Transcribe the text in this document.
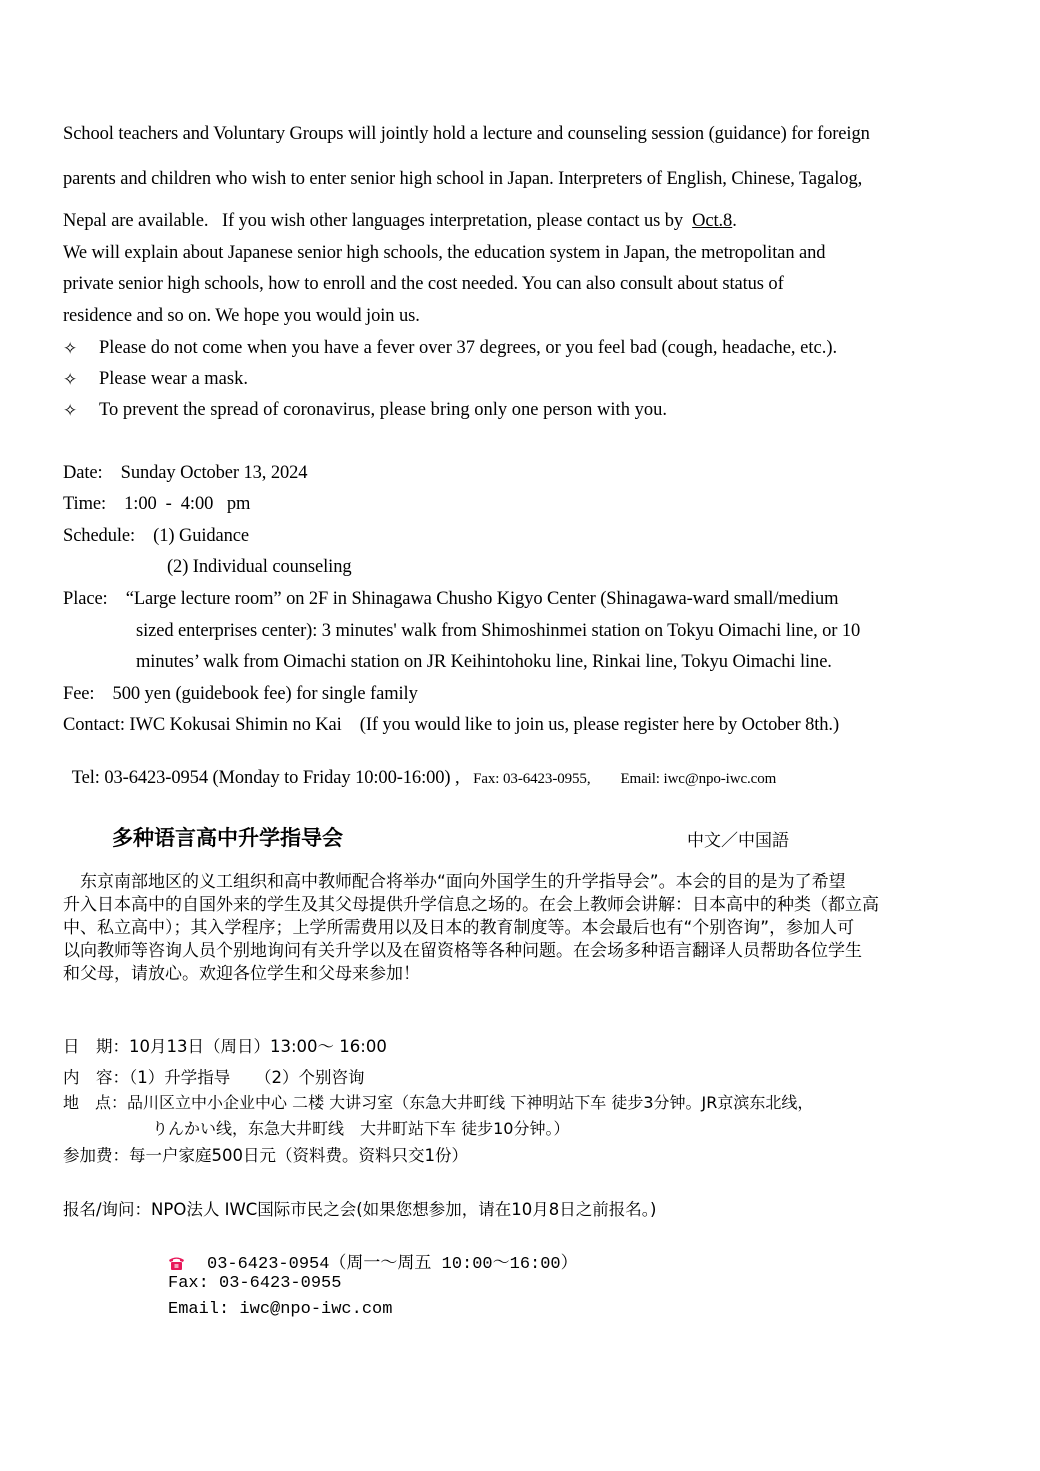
School teachers and Voluntary Groups will jointly hold a lecture and counseling session (guidance) for foreign
parents and children who wish to enter senior high school in Japan. Interpreters of English, Chinese, Tagalog,
Nepal are available.   If you wish other languages interpretation, please contact us by  Oct.8.
We will explain about Japanese senior high schools, the education system in Japan, the metropolitan and
private senior high schools, how to enroll and the cost needed. You can also consult about status of
residence and so on. We hope you would join us.
✧ Please do not come when you have a fever over 37 degrees, or you feel bad (cough, headache, etc.).
✧ Please wear a mask.
✧ To prevent the spread of coronavirus, please bring only one person with you.
Date:    Sunday October 13, 2024
Time:    1:00  -  4:00   pm
Schedule:    (1) Guidance
(2) Individual counseling
Place:    “Large lecture room” on 2F in Shinagawa Chusho Kigyo Center (Shinagawa-ward small/medium
sized enterprises center): 3 minutes' walk from Shimoshinmei station on Tokyu Oimachi line, or 10
minutes’ walk from Oimachi station on JR Keihintohoku line, Rinkai line, Tokyu Oimachi line.
Fee:    500 yen (guidebook fee) for single family
Contact: IWC Kokusai Shimin no Kai    (If you would like to join us, please register here by October 8th.)

Tel: 03-6423-0954 (Monday to Friday 10:00-16:00) ,   Fax: 03-6423-0955, Email: iwc@npo-iwc.com

多种语言高中升学指导会	中文／中国語
　东京南部地区的义工组织和高中教师配合将举办“面向外国学生的升学指导会”。本会的目的是为了希望
升入日本高中的自国外来的学生及其父母提供升学信息之场的。在会上教师会讲解：日本高中的种类（都立高
中、私立高中）；其入学程序；上学所需费用以及日本的教育制度等。本会最后也有“个别咨询”，参加人可
以向教师等咨询人员个别地询问有关升学以及在留资格等各种问题。在会场多种语言翻译人员帮助各位学生
和父母，请放心。欢迎各位学生和父母来参加！
日　期：10月13日（周日）13:00～ 16:00
内　容：（1）升学指导　　（2）个别咨询
地　点：品川区立中小企业中心 二楼 大讲习室（东急大井町线 下神明站下车 徒步3分钟。JR京滨东北线，
りんかい线，东急大井町线　大井町站下车 徒步10分钟。）
参加费：每一户家庭500日元（资料费。资料只交1份）
报名/询问：NPO法人 IWC国际市民之会(如果您想参加，请在10月8日之前报名。)
03-6423-0954（周一～周五 10:00～16:00）
Fax: 03-6423-0955
Email: iwc@npo-iwc.com
